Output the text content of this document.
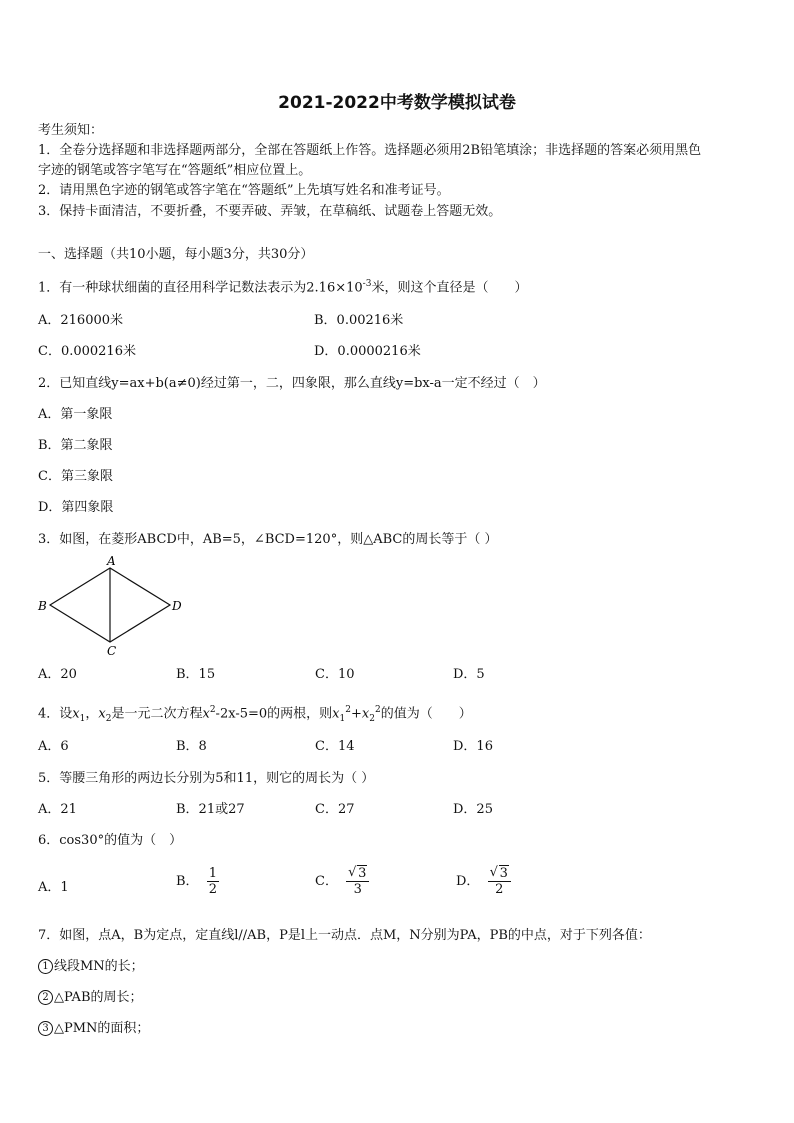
2021-2022中考数学模拟试卷
考生须知：
1．全卷分选择题和非选择题两部分，全部在答题纸上作答。选择题必须用2B铅笔填涂；非选择题的答案必须用黑色
字迹的钢笔或答字笔写在“答题纸”相应位置上。
2．请用黑色字迹的钢笔或答字笔在“答题纸”上先填写姓名和准考证号。
3．保持卡面清洁，不要折叠，不要弄破、弄皱，在草稿纸、试题卷上答题无效。
一、选择题（共10小题，每小题3分，共30分）
1．有一种球状细菌的直径用科学记数法表示为$2.16\times 10^{-3}$米，则这个直径是（　　）
A．216000米	B．0.00216米
C．0.000216米	D．0.0000216米
2．已知直线y=ax+b(a≠0)经过第一，二，四象限，那么直线y=bx-a一定不经过（　）
A．第一象限
B．第二象限
C．第三象限
D．第四象限
3．如图，在菱形ABCD中，AB=5，∠BCD=120°，则△ABC的周长等于（ ）
A
B
C
D
A．20	B．15	C．10	D．5
4．设$x_1$，$x_2$是一元二次方程$x^2-2x-5=0$的两根，则$x_1^2+x_2^2$的值为（　　）
A．6	B．8	C．14	D．16
5．等腰三角形的两边长分别为5和11，则它的周长为（ ）
A．21	B．21或27	C．27	D．25
6．cos30°的值为（　）
A．1	B． $\frac{1}{2}$	C． $\frac{√ 3}{3}$	D． $\frac{√ 3}{2}$
7．如图，点A，B为定点，定直线l//AB，P是l上一动点．点M，N分别为PA，PB的中点，对于下列各值：
1 线段MN的长；
2 △PAB的周长；
3 △PMN的面积；
